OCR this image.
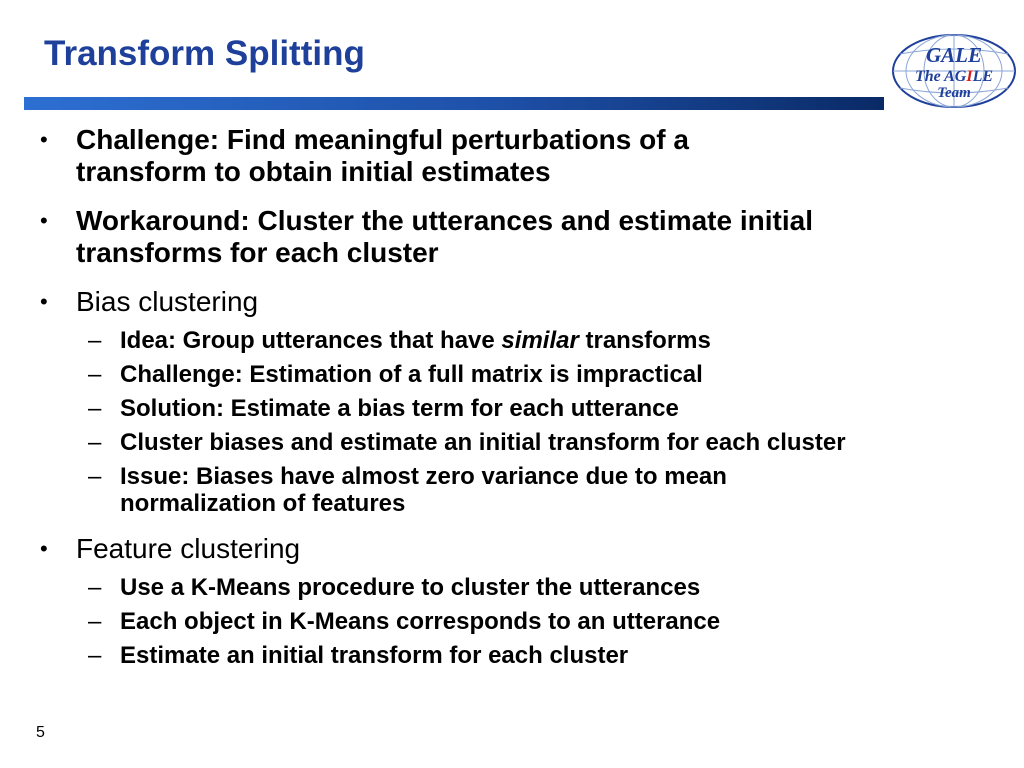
Transform Splitting	GALE
The AGILE
Team
• Challenge: Find meaningful perturbations of a
transform to obtain initial estimates
• Workaround: Cluster the utterances and estimate initial
transforms for each cluster
• Bias clustering
– Idea: Group utterances that have similar transforms
– Challenge: Estimation of a full matrix is impractical
– Solution: Estimate a bias term for each utterance
– Cluster biases and estimate an initial transform for each cluster
– Issue: Biases have almost zero variance due to mean
normalization of features
• Feature clustering
– Use a K-Means procedure to cluster the utterances
– Each object in K-Means corresponds to an utterance
– Estimate an initial transform for each cluster
5
